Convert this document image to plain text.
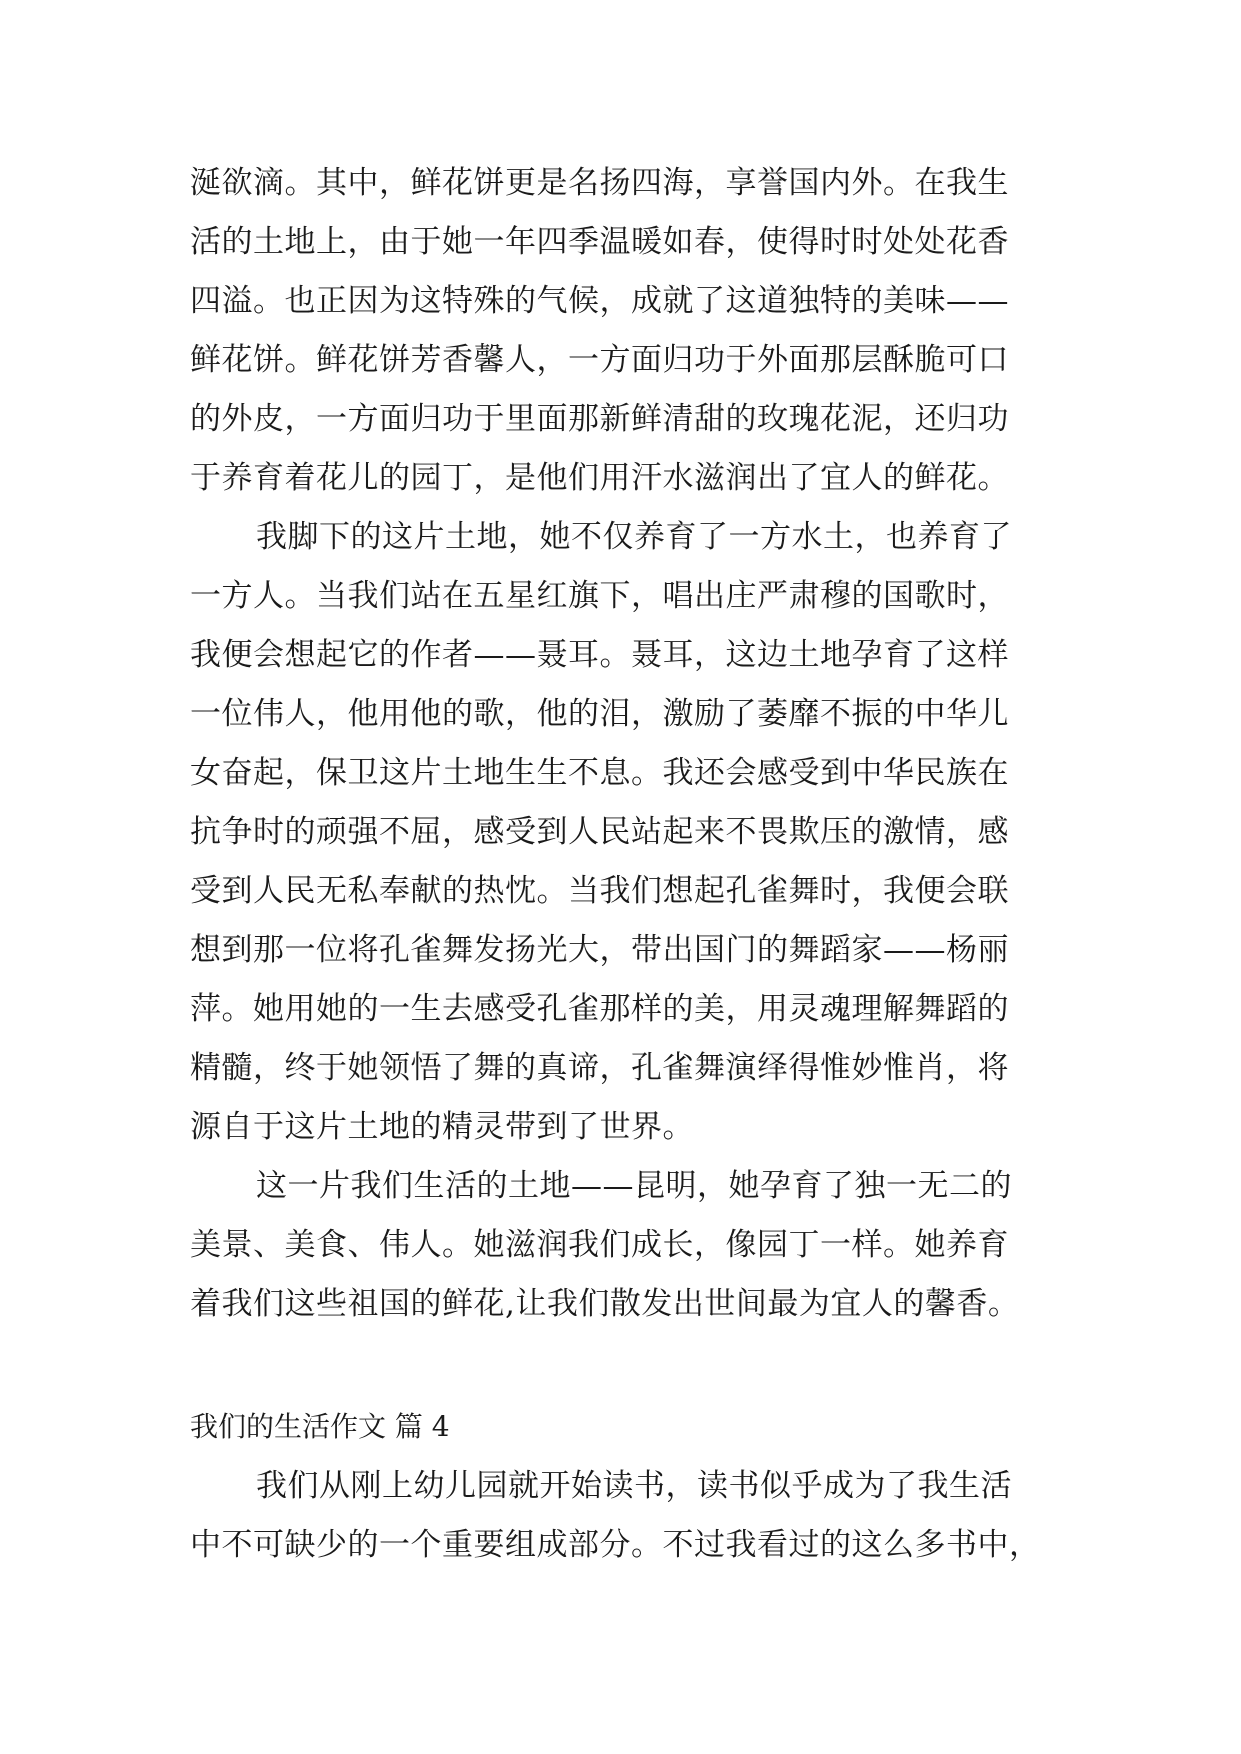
涎欲滴。其中，鲜花饼更是名扬四海，享誉国内外。在我生
活的土地上，由于她一年四季温暖如春，使得时时处处花香
四溢。也正因为这特殊的气候，成就了这道独特的美味——
鲜花饼。鲜花饼芳香馨人，一方面归功于外面那层酥脆可口
的外皮，一方面归功于里面那新鲜清甜的玫瑰花泥，还归功
于养育着花儿的园丁，是他们用汗水滋润出了宜人的鲜花。
我脚下的这片土地，她不仅养育了一方水土，也养育了
一方人。当我们站在五星红旗下，唱出庄严肃穆的国歌时，
我便会想起它的作者——聂耳。聂耳，这边土地孕育了这样
一位伟人，他用他的歌，他的泪，激励了萎靡不振的中华儿
女奋起，保卫这片土地生生不息。我还会感受到中华民族在
抗争时的顽强不屈，感受到人民站起来不畏欺压的激情，感
受到人民无私奉献的热忱。当我们想起孔雀舞时，我便会联
想到那一位将孔雀舞发扬光大，带出国门的舞蹈家——杨丽
萍。她用她的一生去感受孔雀那样的美，用灵魂理解舞蹈的
精髓，终于她领悟了舞的真谛，孔雀舞演绎得惟妙惟肖，将
源自于这片土地的精灵带到了世界。
这一片我们生活的土地——昆明，她孕育了独一无二的
美景、美食、伟人。她滋润我们成长，像园丁一样。她养育
着我们这些祖国的鲜花,让我们散发出世间最为宜人的馨香。
我们的生活作文 篇 4
我们从刚上幼儿园就开始读书，读书似乎成为了我生活
中不可缺少的一个重要组成部分。不过我看过的这么多书中，
